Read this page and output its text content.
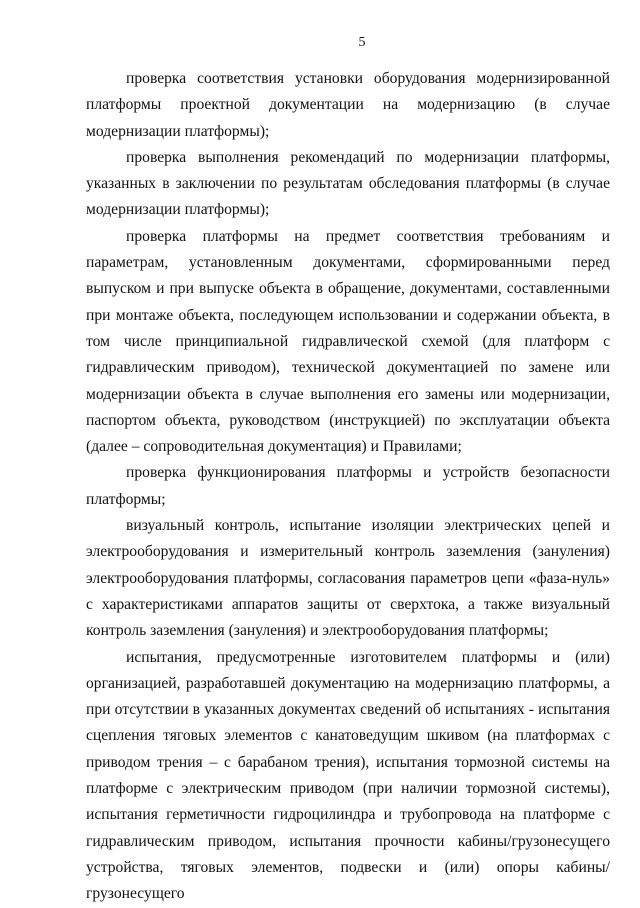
5

проверка соответствия установки оборудования модернизированной платформы проектной документации на модернизацию (в случае модернизации платформы);

проверка выполнения рекомендаций по модернизации платформы, указанных в заключении по результатам обследования платформы (в случае модернизации платформы);

проверка платформы на предмет соответствия требованиям и параметрам, установленным документами, сформированными перед выпуском и при выпуске объекта в обращение, документами, составленными при монтаже объекта, последующем использовании и содержании объекта, в том числе принципиальной гидравлической схемой (для платформ с гидравлическим приводом), технической документацией по замене или модернизации объекта в случае выполнения его замены или модернизации, паспортом объекта, руководством (инструкцией) по эксплуатации объекта (далее – сопроводительная документация) и Правилами;

проверка функционирования платформы и устройств безопасности платформы;

визуальный контроль, испытание изоляции электрических цепей и электрооборудования и измерительный контроль заземления (зануления) электрооборудования платформы, согласования параметров цепи «фаза-нуль» с характеристиками аппаратов защиты от сверхтока, а также визуальный контроль заземления (зануления) и электрооборудования платформы;

испытания, предусмотренные изготовителем платформы и (или) организацией, разработавшей документацию на модернизацию платформы, а при отсутствии в указанных документах сведений об испытаниях - испытания сцепления тяговых элементов с канатоведущим шкивом (на платформах с приводом трения – с барабаном трения), испытания тормозной системы на платформе с электрическим приводом (при наличии тормозной системы), испытания герметичности гидроцилиндра и трубопровода на платформе с гидравлическим приводом, испытания прочности кабины/грузонесущего устройства, тяговых элементов, подвески и (или) опоры кабины/грузонесущего
